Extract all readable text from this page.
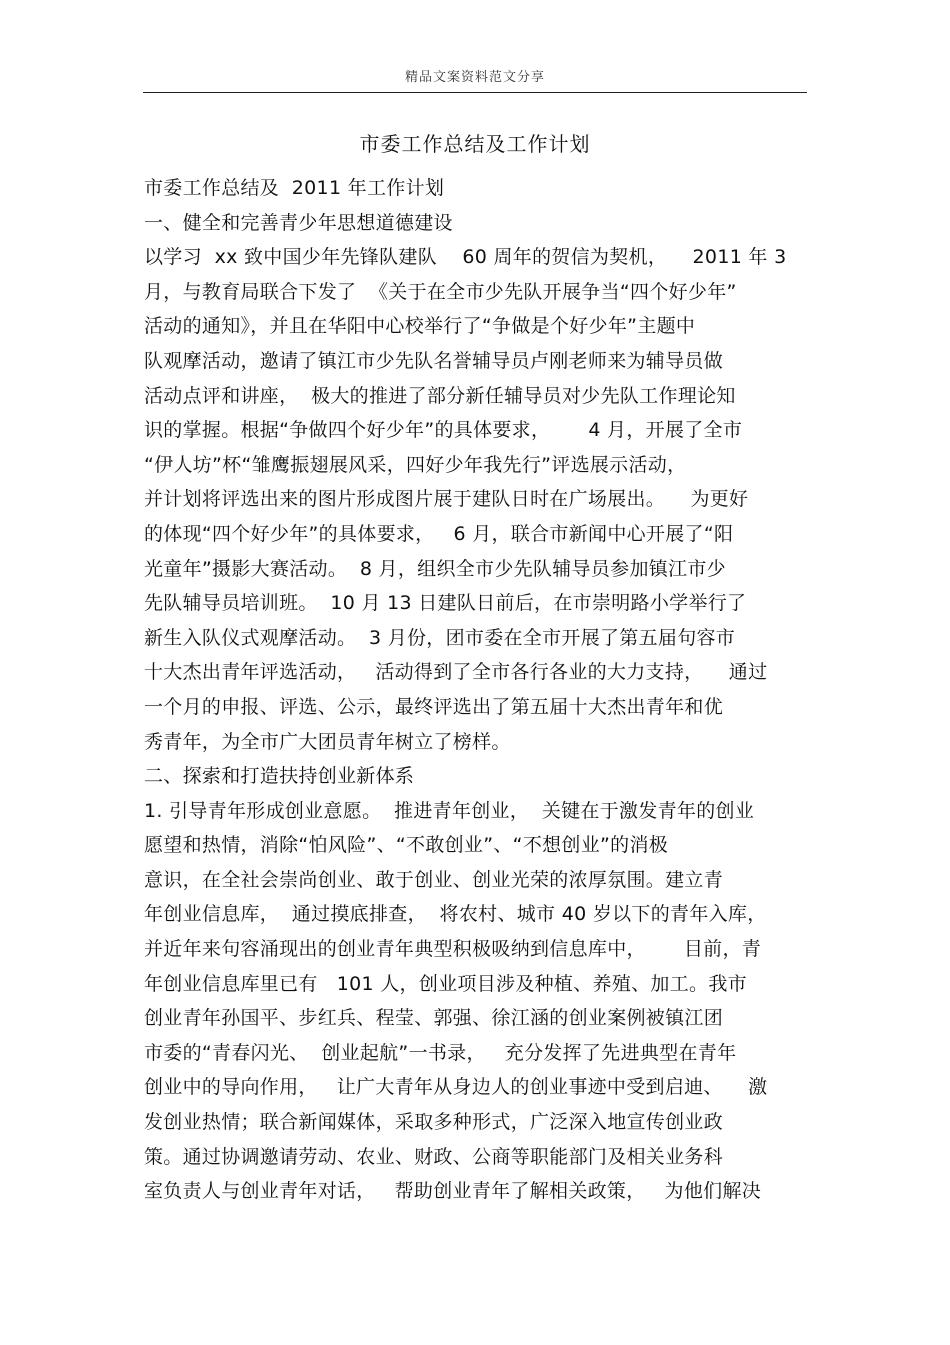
精品文案资料范文分享
市委工作总结及工作计划
市委工作总结及  2011 年工作计划
一、健全和完善青少年思想道德建设
以学习  xx 致中国少年先锋队建队    60 周年的贺信为契机，    2011 年 3
月，与教育局联合下发了  《关于在全市少先队开展争当“四个好少年”
活动的通知》，并且在华阳中心校举行了“争做是个好少年”主题中
队观摩活动，邀请了镇江市少先队名誉辅导员卢刚老师来为辅导员做
活动点评和讲座，  极大的推进了部分新任辅导员对少先队工作理论知
识的掌握。根据“争做四个好少年”的具体要求，      4 月，开展了全市
“伊人坊”杯“雏鹰振翅展风采，四好少年我先行”评选展示活动，
并计划将评选出来的图片形成图片展于建队日时在广场展出。    为更好
的体现“四个好少年”的具体要求，   6 月，联合市新闻中心开展了“阳
光童年”摄影大赛活动。  8 月，组织全市少先队辅导员参加镇江市少
先队辅导员培训班。  10 月 13 日建队日前后，在市崇明路小学举行了
新生入队仪式观摩活动。  3 月份，团市委在全市开展了第五届句容市
十大杰出青年评选活动，   活动得到了全市各行各业的大力支持，    通过
一个月的申报、评选、公示，最终评选出了第五届十大杰出青年和优
秀青年，为全市广大团员青年树立了榜样。
二、探索和打造扶持创业新体系
1. 引导青年形成创业意愿。  推进青年创业，  关键在于激发青年的创业
愿望和热情，消除“怕风险”、“不敢创业”、“不想创业”的消极
意识，在全社会崇尚创业、敢于创业、创业光荣的浓厚氛围。建立青
年创业信息库，  通过摸底排查，  将农村、城市 40 岁以下的青年入库，
并近年来句容涌现出的创业青年典型积极吸纳到信息库中，      目前，青
年创业信息库里已有   101 人，创业项目涉及种植、养殖、加工。我市
创业青年孙国平、步红兵、程莹、郭强、徐江涵的创业案例被镇江团
市委的“青春闪光、  创业起航”一书录，   充分发挥了先进典型在青年
创业中的导向作用，   让广大青年从身边人的创业事迹中受到启迪、    激
发创业热情；联合新闻媒体，采取多种形式，广泛深入地宣传创业政
策。通过协调邀请劳动、农业、财政、公商等职能部门及相关业务科
室负责人与创业青年对话，   帮助创业青年了解相关政策，   为他们解决
